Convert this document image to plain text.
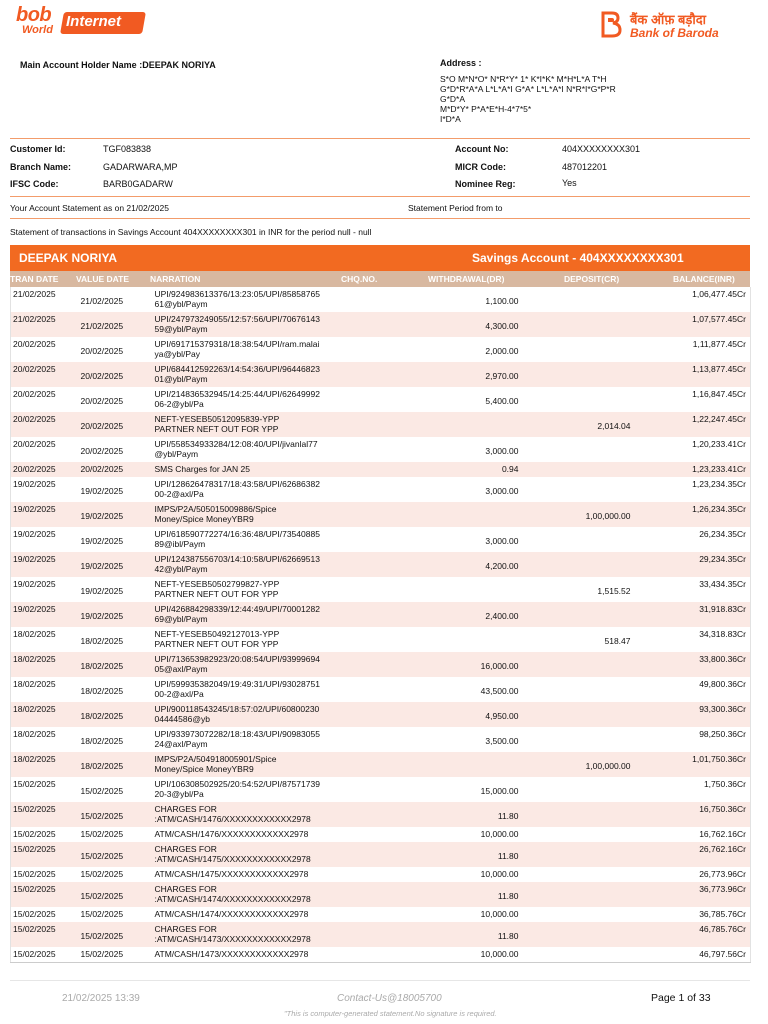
bob
World Internet	बैंक ऑफ़ बड़ौदा
Bank of Baroda
Main Account Holder Name :DEEPAK NORIYA	Address :
S*O M*N*O* N*R*Y* 1* K*I*K* M*H*L*A T*H
G*D*R*A*A L*L*A*I G*A* L*L*A*I N*R*I*G*P*R
G*D*A
M*D*Y* P*A*E*H-4*7*5*
I*D*A
Customer Id:	TGF083838
Branch Name:	GADARWARA,MP
IFSC Code:	BARB0GADARW
Account No:	404XXXXXXXX301
MICR Code:	487012201
Nominee Reg:	Yes
Your Account Statement as on 21/02/2025	Statement Period from to
Statement of transactions in Savings Account 404XXXXXXXX301 in INR for the period null - null
DEEPAK NORIYA	Savings Account - 404XXXXXXXX301
TRAN DATE VALUE DATE NARRATION	CHQ.NO.	WITHDRAWAL(DR)	DEPOSIT(CR)	BALANCE(INR)
21/02/2025	21/02/2025	UPI/924983613376/13:23:05/UPI/85858765
61@ybl/Paym		1,100.00		1,06,477.45Cr
21/02/2025	21/02/2025	UPI/247973249055/12:57:56/UPI/70676143
59@ybl/Paym		4,300.00		1,07,577.45Cr
20/02/2025	20/02/2025	UPI/691715379318/18:38:54/UPI/ram.malai
ya@ybl/Pay		2,000.00		1,11,877.45Cr
20/02/2025	20/02/2025	UPI/684412592263/14:54:36/UPI/96446823
01@ybl/Paym		2,970.00		1,13,877.45Cr
20/02/2025	20/02/2025	UPI/214836532945/14:25:44/UPI/62649992
06-2@ybl/Pa		5,400.00		1,16,847.45Cr
20/02/2025	20/02/2025	NEFT-YESEB50512095839-YPP
PARTNER NEFT OUT FOR YPP			2,014.04	1,22,247.45Cr
20/02/2025	20/02/2025	UPI/558534933284/12:08:40/UPI/jivanlal77
@ybl/Paym		3,000.00		1,20,233.41Cr
20/02/2025	20/02/2025	SMS Charges for JAN 25		0.94		1,23,233.41Cr
19/02/2025	19/02/2025	UPI/128626478317/18:43:58/UPI/62686382
00-2@axl/Pa		3,000.00		1,23,234.35Cr
19/02/2025	19/02/2025	IMPS/P2A/505015009886/Spice
Money/Spice MoneyYBR9			1,00,000.00	1,26,234.35Cr
19/02/2025	19/02/2025	UPI/618590772274/16:36:48/UPI/73540885
89@ibl/Paym		3,000.00		26,234.35Cr
19/02/2025	19/02/2025	UPI/124387556703/14:10:58/UPI/62669513
42@ybl/Paym		4,200.00		29,234.35Cr
19/02/2025	19/02/2025	NEFT-YESEB50502799827-YPP
PARTNER NEFT OUT FOR YPP			1,515.52	33,434.35Cr
19/02/2025	19/02/2025	UPI/426884298339/12:44:49/UPI/70001282
69@ybl/Paym		2,400.00		31,918.83Cr
18/02/2025	18/02/2025	NEFT-YESEB50492127013-YPP
PARTNER NEFT OUT FOR YPP			518.47	34,318.83Cr
18/02/2025	18/02/2025	UPI/713653982923/20:08:54/UPI/93999694
05@axl/Paym		16,000.00		33,800.36Cr
18/02/2025	18/02/2025	UPI/599935382049/19:49:31/UPI/93028751
00-2@axl/Pa		43,500.00		49,800.36Cr
18/02/2025	18/02/2025	UPI/900118543245/18:57:02/UPI/60800230
04444586@yb		4,950.00		93,300.36Cr
18/02/2025	18/02/2025	UPI/933973072282/18:18:43/UPI/90983055
24@axl/Paym		3,500.00		98,250.36Cr
18/02/2025	18/02/2025	IMPS/P2A/504918005901/Spice
Money/Spice MoneyYBR9			1,00,000.00	1,01,750.36Cr
15/02/2025	15/02/2025	UPI/106308502925/20:54:52/UPI/87571739
20-3@ybl/Pa		15,000.00		1,750.36Cr
15/02/2025	15/02/2025	CHARGES FOR
:ATM/CASH/1476/XXXXXXXXXXXX2978		11.80		16,750.36Cr
15/02/2025	15/02/2025	ATM/CASH/1476/XXXXXXXXXXXX2978		10,000.00		16,762.16Cr
15/02/2025	15/02/2025	CHARGES FOR
:ATM/CASH/1475/XXXXXXXXXXXX2978		11.80		26,762.16Cr
15/02/2025	15/02/2025	ATM/CASH/1475/XXXXXXXXXXXX2978		10,000.00		26,773.96Cr
15/02/2025	15/02/2025	CHARGES FOR
:ATM/CASH/1474/XXXXXXXXXXXX2978		11.80		36,773.96Cr
15/02/2025	15/02/2025	ATM/CASH/1474/XXXXXXXXXXXX2978		10,000.00		36,785.76Cr
15/02/2025	15/02/2025	CHARGES FOR
:ATM/CASH/1473/XXXXXXXXXXXX2978		11.80		46,785.76Cr
15/02/2025	15/02/2025	ATM/CASH/1473/XXXXXXXXXXXX2978		10,000.00		46,797.56Cr
21/02/2025 13:39	Contact-Us@18005700	Page 1 of 33
"This is computer-generated statement.No signature is required.
